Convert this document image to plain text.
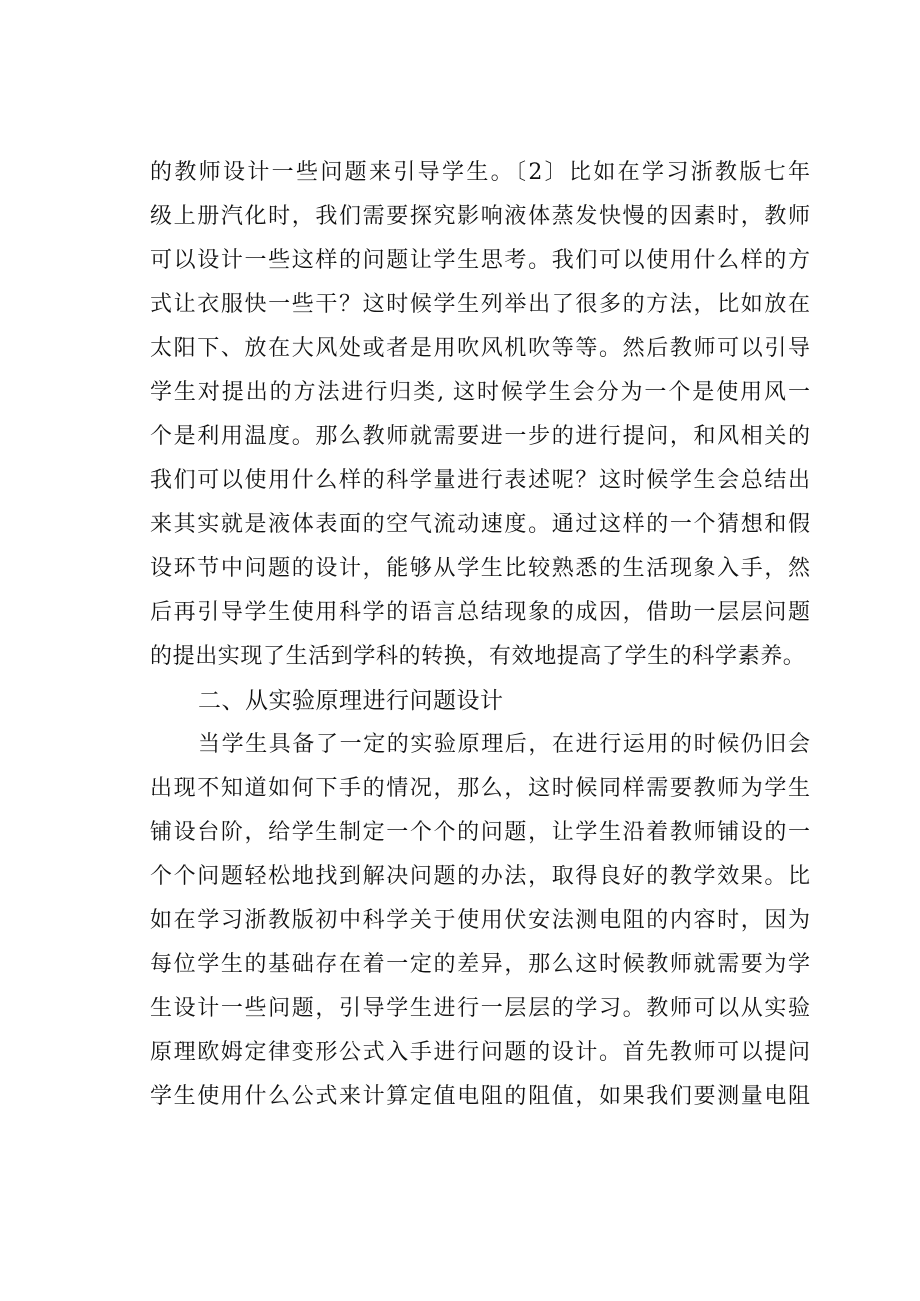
的教师设计一些问题来引导学生。〔2〕比如在学习浙教版七年
级上册汽化时，我们需要探究影响液体蒸发快慢的因素时，教师
可以设计一些这样的问题让学生思考。我们可以使用什么样的方
式让衣服快一些干？这时候学生列举出了很多的方法，比如放在
太阳下、放在大风处或者是用吹风机吹等等。然后教师可以引导
学生对提出的方法进行归类, 这时候学生会分为一个是使用风一
个是利用温度。那么教师就需要进一步的进行提问，和风相关的
我们可以使用什么样的科学量进行表述呢？这时候学生会总结出
来其实就是液体表面的空气流动速度。通过这样的一个猜想和假
设环节中问题的设计，能够从学生比较熟悉的生活现象入手，然
后再引导学生使用科学的语言总结现象的成因，借助一层层问题
的提出实现了生活到学科的转换，有效地提高了学生的科学素养。
二、从实验原理进行问题设计
当学生具备了一定的实验原理后，在进行运用的时候仍旧会
出现不知道如何下手的情况，那么，这时候同样需要教师为学生
铺设台阶，给学生制定一个个的问题，让学生沿着教师铺设的一
个个问题轻松地找到解决问题的办法，取得良好的教学效果。比
如在学习浙教版初中科学关于使用伏安法测电阻的内容时，因为
每位学生的基础存在着一定的差异，那么这时候教师就需要为学
生设计一些问题，引导学生进行一层层的学习。教师可以从实验
原理欧姆定律变形公式入手进行问题的设计。首先教师可以提问
学生使用什么公式来计算定值电阻的阻值，如果我们要测量电阻
